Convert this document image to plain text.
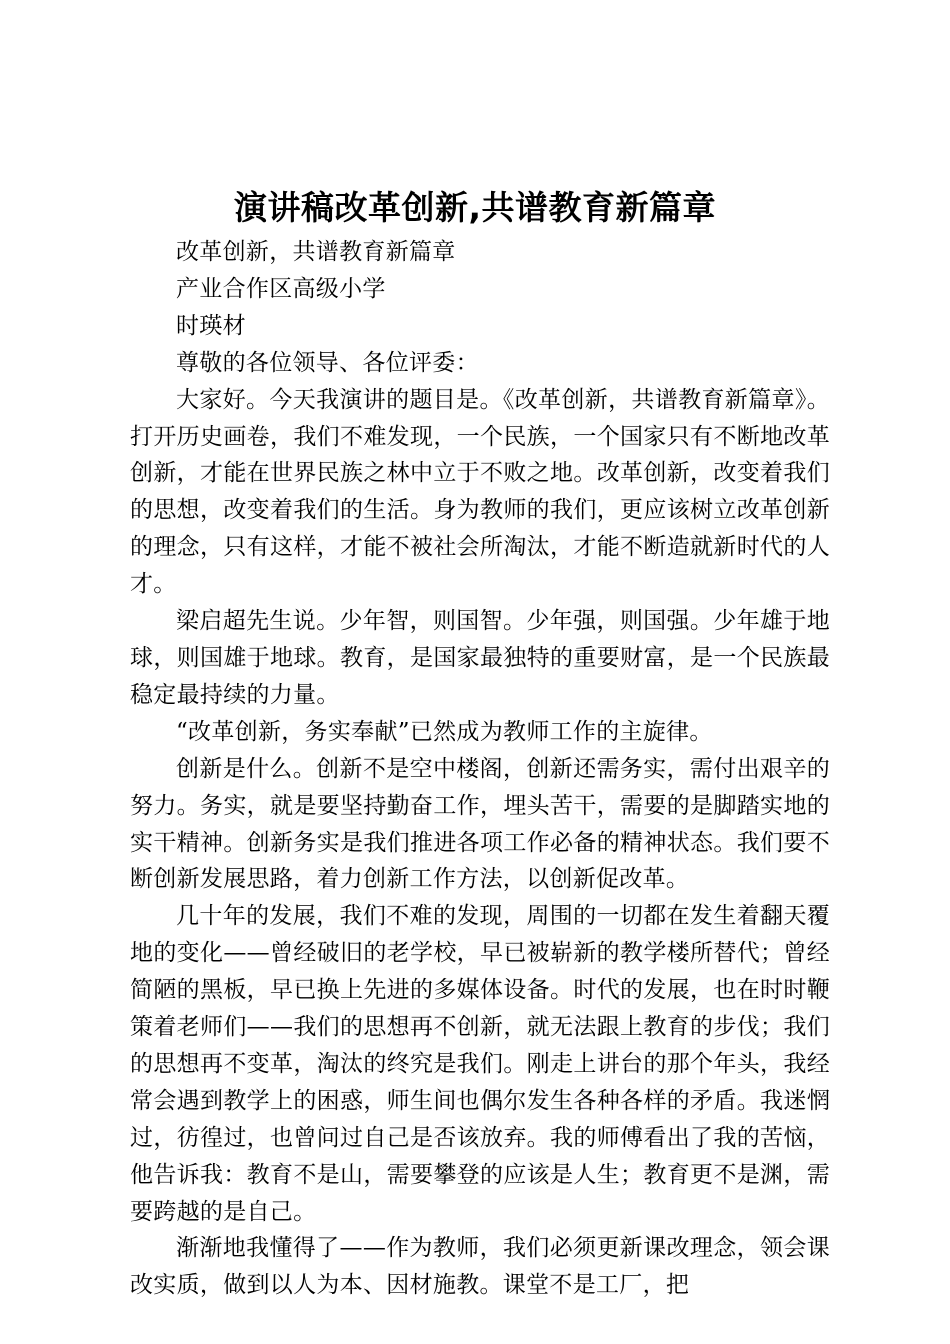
演讲稿改革创新,共谱教育新篇章

改革创新，共谱教育新篇章

产业合作区高级小学

时瑛材

尊敬的各位领导、各位评委：

大家好。今天我演讲的题目是。《改革创新，共谱教育新篇章》。打开历史画卷，我们不难发现，一个民族，一个国家只有不断地改革创新，才能在世界民族之林中立于不败之地。改革创新，改变着我们的思想，改变着我们的生活。身为教师的我们，更应该树立改革创新的理念，只有这样，才能不被社会所淘汰，才能不断造就新时代的人才。

梁启超先生说。少年智，则国智。少年强，则国强。少年雄于地球，则国雄于地球。教育，是国家最独特的重要财富，是一个民族最稳定最持续的力量。

“改革创新，务实奉献”已然成为教师工作的主旋律。

创新是什么。创新不是空中楼阁，创新还需务实，需付出艰辛的努力。务实，就是要坚持勤奋工作，埋头苦干，需要的是脚踏实地的实干精神。创新务实是我们推进各项工作必备的精神状态。我们要不断创新发展思路，着力创新工作方法，以创新促改革。

几十年的发展，我们不难的发现，周围的一切都在发生着翻天覆地的变化——曾经破旧的老学校，早已被崭新的教学楼所替代；曾经简陋的黑板，早已换上先进的多媒体设备。时代的发展，也在时时鞭策着老师们——我们的思想再不创新，就无法跟上教育的步伐；我们的思想再不变革，淘汰的终究是我们。刚走上讲台的那个年头，我经常会遇到教学上的困惑，师生间也偶尔发生各种各样的矛盾。我迷惘过，彷徨过，也曾问过自己是否该放弃。我的师傅看出了我的苦恼，他告诉我：教育不是山，需要攀登的应该是人生；教育更不是渊，需要跨越的是自己。

渐渐地我懂得了——作为教师，我们必须更新课改理念，领会课改实质，做到以人为本、因材施教。课堂不是工厂，把
